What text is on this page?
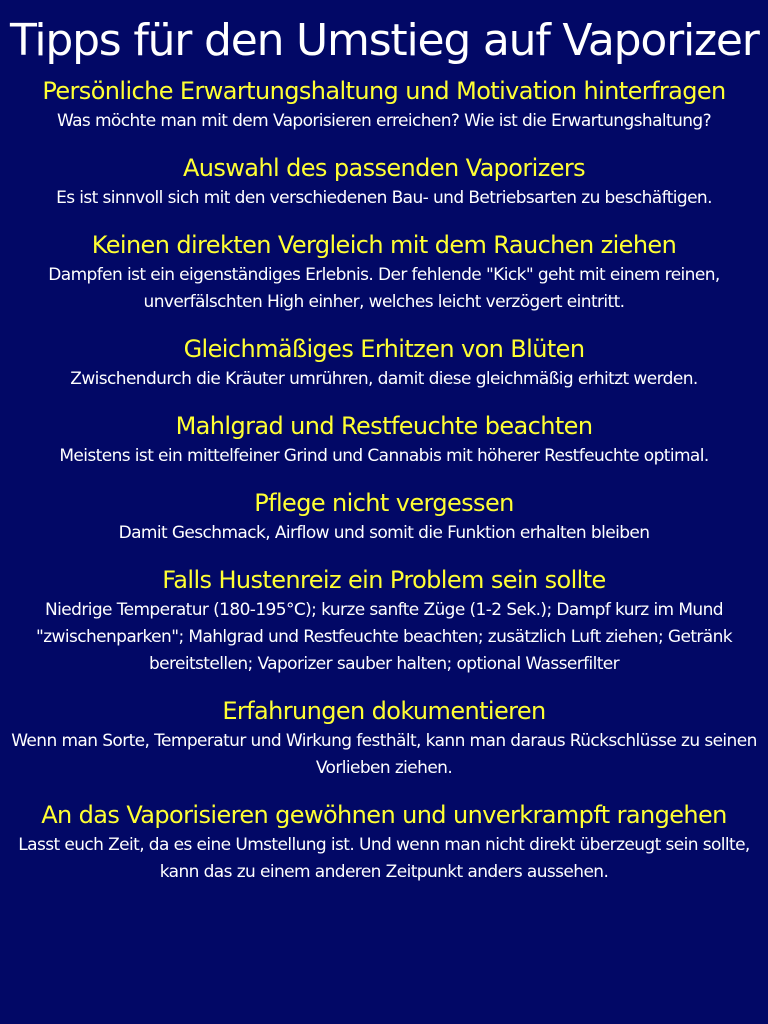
Tipps für den Umstieg auf Vaporizer
Persönliche Erwartungshaltung und Motivation hinterfragen

Was möchte man mit dem Vaporisieren erreichen? Wie ist die Erwartungshaltung?

Auswahl des passenden Vaporizers

Es ist sinnvoll sich mit den verschiedenen Bau- und Betriebsarten zu beschäftigen.

Keinen direkten Vergleich mit dem Rauchen ziehen

Dampfen ist ein eigenständiges Erlebnis. Der fehlende "Kick" geht mit einem reinen, unverfälschten High einher, welches leicht verzögert eintritt.

Gleichmäßiges Erhitzen von Blüten

Zwischendurch die Kräuter umrühren, damit diese gleichmäßig erhitzt werden.

Mahlgrad und Restfeuchte beachten

Meistens ist ein mittelfeiner Grind und Cannabis mit höherer Restfeuchte optimal.

Pflege nicht vergessen

Damit Geschmack, Airflow und somit die Funktion erhalten bleiben

Falls Hustenreiz ein Problem sein sollte

Niedrige Temperatur (180-195°C); kurze sanfte Züge (1-2 Sek.); Dampf kurz im Mund "zwischenparken"; Mahlgrad und Restfeuchte beachten; zusätzlich Luft ziehen; Getränk bereitstellen; Vaporizer sauber halten; optional Wasserfilter

Erfahrungen dokumentieren

Wenn man Sorte, Temperatur und Wirkung festhält, kann man daraus Rückschlüsse zu seinen Vorlieben ziehen.

An das Vaporisieren gewöhnen und unverkrampft rangehen

Lasst euch Zeit, da es eine Umstellung ist. Und wenn man nicht direkt überzeugt sein sollte, kann das zu einem anderen Zeitpunkt anders aussehen.
